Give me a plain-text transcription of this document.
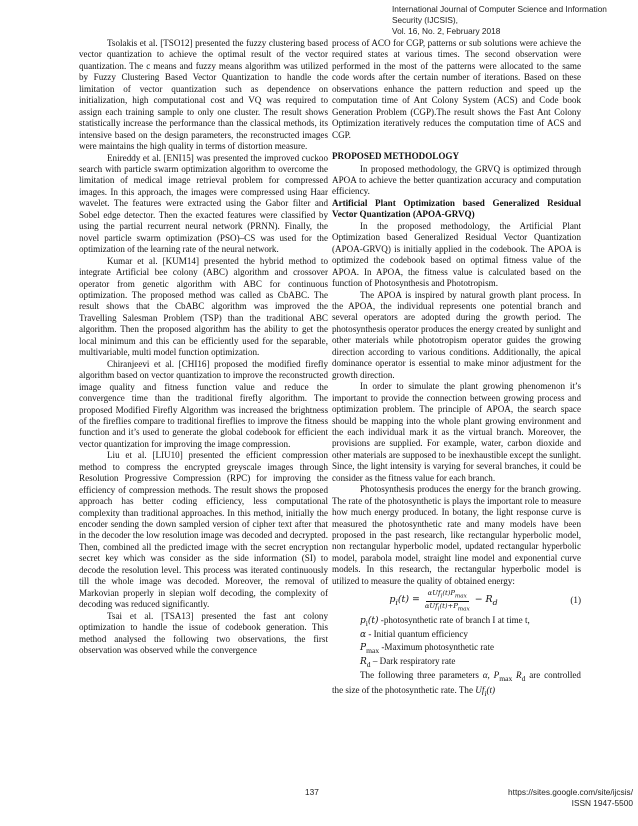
International Journal of Computer Science and Information Security (IJCSIS),
Vol. 16, No. 2, February 2018

Tsolakis et al. [TSO12] presented the fuzzy clustering based vector quantization to achieve the optimal result of the vector quantization. The c means and fuzzy means algorithm was utilized by Fuzzy Clustering Based Vector Quantization to handle the limitation of vector quantization such as dependence on initialization, high computational cost and VQ was required to assign each training sample to only one cluster. The result shows statistically increase the performance than the classical methods, its intensive based on the design parameters, the reconstructed images were maintains the high quality in terms of distortion measure.

Enireddy et al. [ENI15] was presented the improved cuckoo search with particle swarm optimization algorithm to overcome the limitation of medical image retrieval problem for compressed images. In this approach, the images were compressed using Haar wavelet. The features were extracted using the Gabor filter and Sobel edge detector. Then the exacted features were classified by using the partial recurrent neural network (PRNN). Finally, the novel particle swarm optimization (PSO)–CS was used for the optimization of the learning rate of the neural network.

Kumar et al. [KUM14] presented the hybrid method to integrate Artificial bee colony (ABC) algorithm and crossover operator from genetic algorithm with ABC for continuous optimization. The proposed method was called as CbABC. The result shows that the CbABC algorithm was improved the Travelling Salesman Problem (TSP) than the traditional ABC algorithm. Then the proposed algorithm has the ability to get the local minimum and this can be efficiently used for the separable, multivariable, multi model function optimization.

Chiranjeevi et al. [CHI16] proposed the modified firefly algorithm based on vector quantization to improve the reconstructed image quality and fitness function value and reduce the convergence time than the traditional firefly algorithm. The proposed Modified Firefly Algorithm was increased the brightness of the fireflies compare to traditional fireflies to improve the fitness function and it’s used to generate the global codebook for efficient vector quantization for improving the image compression.

Liu et al. [LIU10] presented the efficient compression method to compress the encrypted greyscale images through Resolution Progressive Compression (RPC) for improving the efficiency of compression methods. The result shows the proposed approach has better coding efficiency, less computational complexity than traditional approaches. In this method, initially the encoder sending the down sampled version of cipher text after that in the decoder the low resolution image was decoded and decrypted. Then, combined all the predicted image with the secret encryption secret key which was consider as the side information (SI) to decode the resolution level. This process was iterated continuously till the whole image was decoded. Moreover, the removal of Markovian properly in slepian wolf decoding, the complexity of decoding was reduced significantly.

Tsai et al. [TSA13] presented the fast ant colony optimization to handle the issue of codebook generation. This method analysed the following two observations, the first observation was observed while the convergence

process of ACO for CGP, patterns or sub solutions were achieve the required states at various times. The second observation were performed in the most of the patterns were allocated to the same code words after the certain number of iterations. Based on these observations enhance the pattern reduction and speed up the computation time of Ant Colony System (ACS) and Code book Generation Problem (CGP).The result shows the Fast Ant Colony Optimization iteratively reduces the computation time of ACS and CGP.

PROPOSED METHODOLOGY

In proposed methodology, the GRVQ is optimized through APOA to achieve the better quantization accuracy and computation efficiency.

Artificial Plant Optimization based Generalized Residual Vector Quantization (APOA-GRVQ)

In the proposed methodology, the Artificial Plant Optimization based Generalized Residual Vector Quantization (APOA-GRVQ) is initially applied in the codebook. The APOA is optimized the codebook based on optimal fitness value of the APOA. In APOA, the fitness value is calculated based on the function of Photosynthesis and Phototropism.

The APOA is inspired by natural growth plant process. In the APOA, the individual represents one potential branch and several operators are adopted during the growth period. The photosynthesis operator produces the energy created by sunlight and other materials while phototropism operator guides the growing direction according to various conditions. Additionally, the apical dominance operator is essential to make minor adjustment for the growth direction.

In order to simulate the plant growing phenomenon it’s important to provide the connection between growing process and optimization problem. The principle of APOA, the search space should be mapping into the whole plant growing environment and the each individual mark it as the virtual branch. Moreover, the provisions are supplied. For example, water, carbon dioxide and other materials are supposed to be inexhaustible except the sunlight. Since, the light intensity is varying for several branches, it could be consider as the fitness value for each branch.

Photosynthesis produces the energy for the branch growing. The rate of the photosynthetic is plays the important role to measure how much energy produced. In botany, the light response curve is measured the photosynthetic rate and many models have been proposed in the past research, like rectangular hyperbolic model, non rectangular hyperbolic model, updated rectangular hyperbolic model, parabola model, straight line model and exponential curve models. In this research, the rectangular hyperbolic model is utilized to measure the quality of obtained energy:

$p_i(t) = \frac{\alpha Uf_i(t)P_{max}}{\alpha Uf_i(t)+P_{max}} - R_d$	(1)

$p_i(t)$ -photosynthetic rate of branch I at time t,

α - Initial quantum efficiency

$P_{max}$ -Maximum photosynthetic rate

$R_d$ – Dark respiratory rate

The following three parameters α, $P_{max}$ $R_d$ are controlled the size of the photosynthetic rate. The $Uf_i(t)$

137	https://sites.google.com/site/ijcsis/
ISSN 1947-5500
